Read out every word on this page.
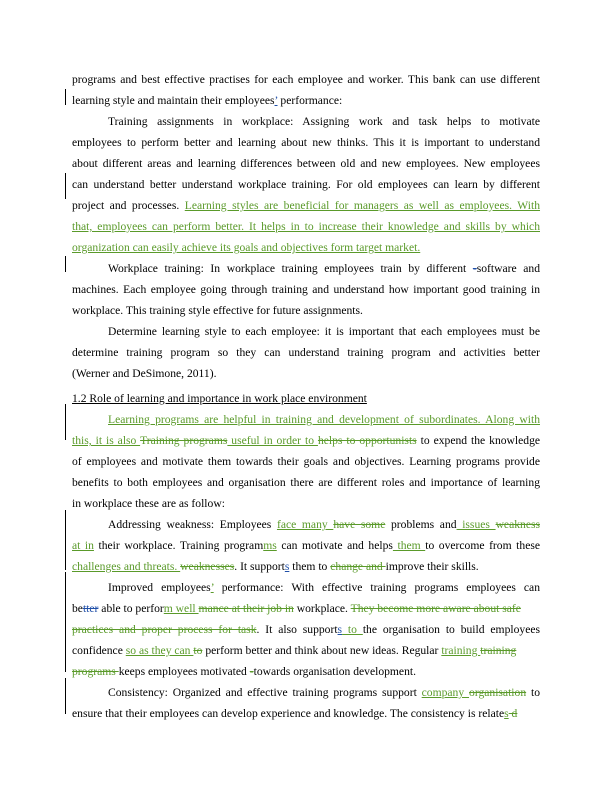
programs and best effective practises for each employee and worker. This bank can use different
learning style and maintain their employees’ performance:
Training assignments in workplace: Assigning work and task helps to motivate
employees to perform better and learning about new thinks. This it is important to understand
about different areas and learning differences between old and new employees. New employees
can understand better understand workplace training. For old employees can learn by different
project and processes. Learning styles are beneficial for managers as well as employees. With
that, employees can perform better. It helps in to increase their knowledge and skills by which
organization can easily achieve its goals and objectives form target market.
Workplace training: In workplace training employees train by different -software and
machines. Each employee going through training and understand how important good training in
workplace. This training style effective for future assignments.
Determine learning style to each employee: it is important that each employees must be
determine training program so they can understand training program and activities better
(Werner and DeSimone, 2011).
1.2 Role of learning and importance in work place environment
Learning programs are helpful in training and development of subordinates. Along with
this, it is also Training programs useful in order to helps to opportunists to expend the knowledge
of employees and motivate them towards their goals and objectives. Learning programs provide
benefits to both employees and organisation there are different roles and importance of learning
in workplace these are as follow:
Addressing weakness: Employees face many have some problems and issues weakness
at in their workplace. Training programms can motivate and helps them to overcome from these
challenges and threats. weaknesses. It supports them to change and improve their skills.
Improved employees’ performance: With effective training programs employees can
better able to perform well mance at their job in workplace. They become more aware about safe
practices and proper process for task. It also supports to the organisation to build employees
confidence so as they can to perform better and think about new ideas. Regular training training
programs keeps employees motivated -towards organisation development.
Consistency: Organized and effective training programs support company organisation to
ensure that their employees can develop experience and knowledge. The consistency is relates d
